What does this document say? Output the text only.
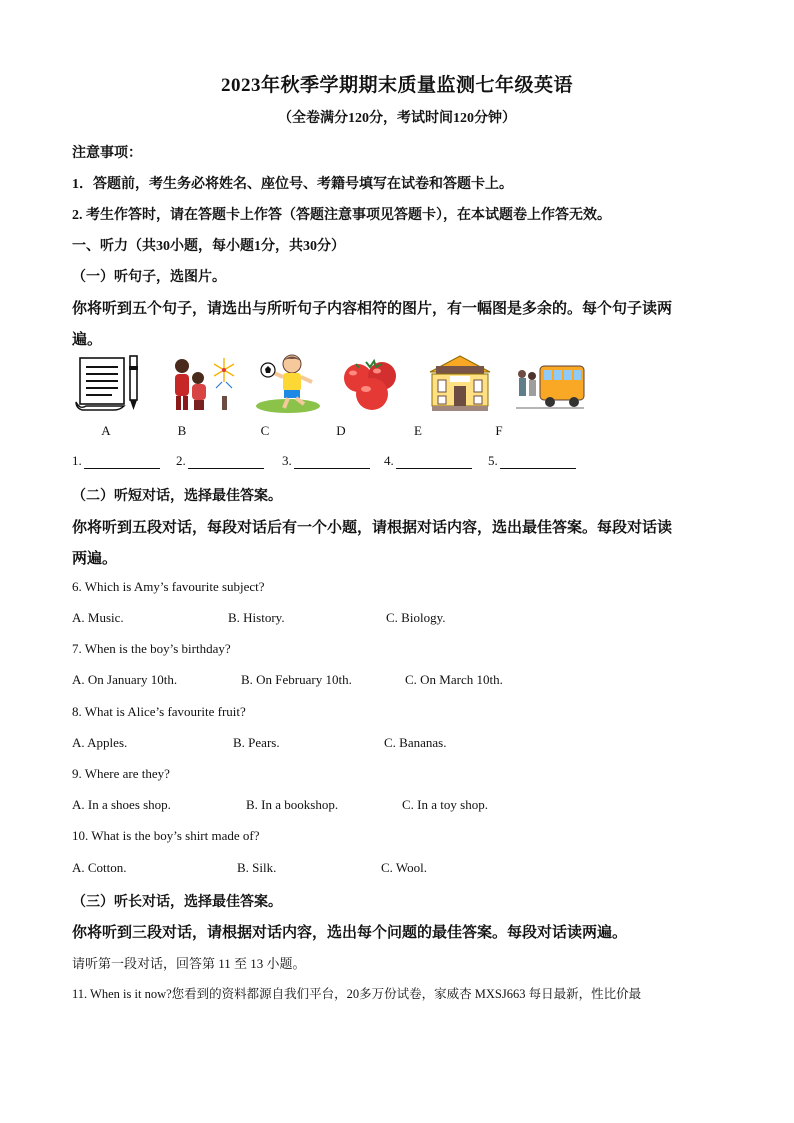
2023年秋季学期期末质量监测七年级英语
（全卷满分120分，考试时间120分钟）
注意事项：
1．答题前，考生务必将姓名、座位号、考籍号填写在试卷和答题卡上。
2. 考生作答时，请在答题卡上作答（答题注意事项见答题卡），在本试题卷上作答无效。
一、听力（共30小题，每小题1分，共30分）
（一）听句子，选图片。
你将听到五个句子，请选出与所听句子内容相符的图片，有一幅图是多余的。每个句子读两
遍。
A	B	C	D	E	F
1.	2.	3.	4.	5.
（二）听短对话，选择最佳答案。
你将听到五段对话，每段对话后有一个小题，请根据对话内容，选出最佳答案。每段对话读
两遍。
6. Which is Amy’s favourite subject?
A. Music.	B. History.	C. Biology.
7. When is the boy’s birthday?
A. On January 10th.	B. On February 10th.	C. On March 10th.
8. What is Alice’s favourite fruit?
A. Apples.	B. Pears.	C. Bananas.
9. Where are they?
A. In a shoes shop.	B. In a bookshop.	C. In a toy shop.
10. What is the boy’s shirt made of?
A. Cotton.	B. Silk.	C. Wool.
（三）听长对话，选择最佳答案。
你将听到三段对话，请根据对话内容，选出每个问题的最佳答案。每段对话读两遍。
请听第一段对话，回答第 11 至 13 小题。
11. When is it now?您看到的资料都源自我们平台，20多万份试卷，家威杏 MXSJ663 每日最新，性比价最
